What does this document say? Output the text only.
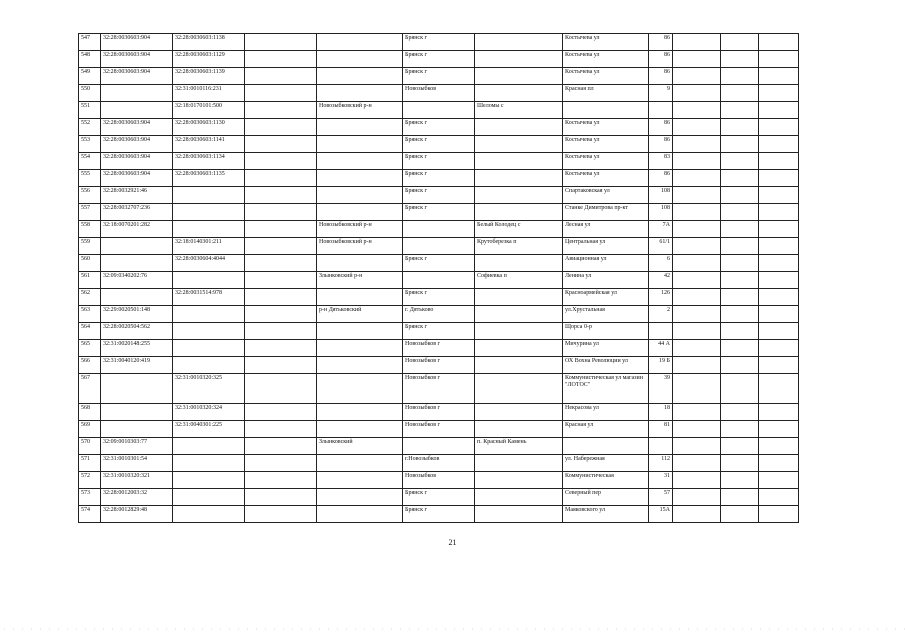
547	32:28:0030603:904	32:28:0030603:1138			Брянск г		Костычева ул	86			
548	32:28:0030603:904	32:28:0030603:1129			Брянск г		Костычева ул	86			
549	32:28:0030603:904	32:28:0030603:1139			Брянск г		Костычева ул	86			
550		32:31:0010116:231			Новозыбков		Красная пл	9			
551		32:18:0170101:500		Новозыбковский р-н		Шеломы с					
552	32:28:0030603:904	32:28:0030603:1130			Брянск г		Костычева ул	86			
553	32:28:0030603:904	32:28:0030603:1141			Брянск г		Костычева ул	86			
554	32:28:0030603:904	32:28:0030603:1134			Брянск г		Костычева ул	83			
555	32:28:0030603:904	32:28:0030603:1135			Брянск г		Костычева ул	86			
556	32:28:0032921:46				Брянск г		Спартаковская ул	108			
557	32:28:0032707:236				Брянск г		Станке Димитрова пр-кт	108			
558	32:18:0070201:282			Новозыбковский р-н		Белый Колодец с	Лесная ул	7А			
559		32:18:0140301:211		Новозыбковский р-н		Крутоберезка п	Центральная ул	61/1			
560		32:28:0030604:4044			Брянск г		Авиационная ул	6			
561	32:09:0340202:76			Злынковский р-н		Софиевка п	Ленина ул	42			
562		32:28:0031514:978			Брянск г		Красноармейская ул	126			
563	32:29:0020501:148			р-н Дятьковский	г. Дятьково		ул.Хрустальная	2			
564	32:28:0020504:562				Брянск г		Щорса 0-р				
565	32:31:0020148:255				Новозыбков г		Мичурина ул	44 А			
566	32:31:0040120:419				Новозыбков г		ОХ Вохна Революции ул	19 Б			
567		32:31:0010320:325			Новозыбков г		Коммунистическая ул магазин "ЛОТОС"	39			
568		32:31:0010320:324			Новозыбков г		Некрасова ул	18			
569		32:31:0040301:225			Новозыбков г		Красная ул	81			
570	32:09:0010303:77			Злынковский		п. Красный Камень					
571	32:31:0010301:54				г.Новозыбков		ул. Набережная	112			
572	32:31:0010320:321				Новозыбков		Коммунистическая	31			
573	32:28:0012003:32				Брянск г		Северный пер	57			
574	32:28:0012829:48				Брянск г		Маяковского ул	15А			
21
